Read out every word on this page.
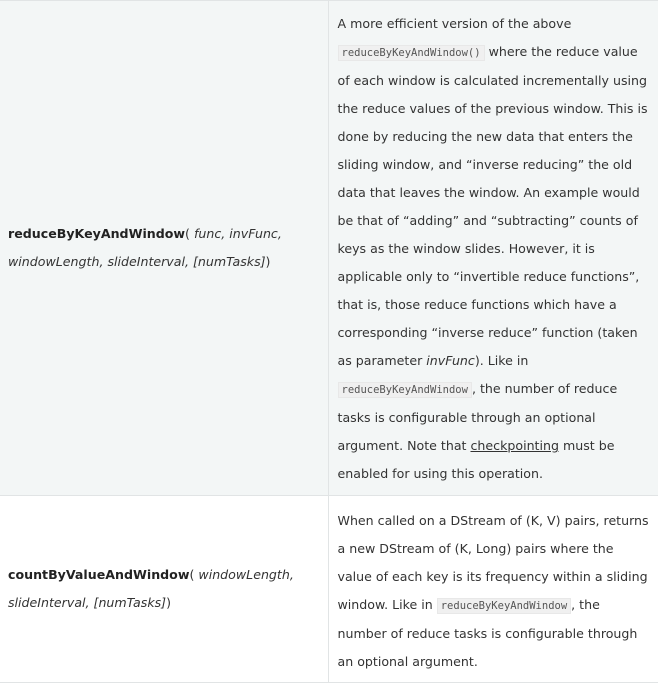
reduceByKeyAndWindow( func, invFunc, windowLength, slideInterval, [numTasks])	A more efficient version of the above reduceByKeyAndWindow() where the reduce value of each window is calculated incrementally using the reduce values of the previous window. This is done by reducing the new data that enters the sliding window, and “inverse reducing” the old data that leaves the window. An example would be that of “adding” and “subtracting” counts of keys as the window slides. However, it is applicable only to “invertible reduce functions”, that is, those reduce functions which have a corresponding “inverse reduce” function (taken as parameter invFunc). Like in reduceByKeyAndWindow , the number of reduce tasks is configurable through an optional argument. Note that checkpointing must be enabled for using this operation.
countByValueAndWindow( windowLength, slideInterval, [numTasks])	When called on a DStream of (K, V) pairs, returns a new DStream of (K, Long) pairs where the value of each key is its frequency within a sliding window. Like in reduceByKeyAndWindow , the number of reduce tasks is configurable through an optional argument.
